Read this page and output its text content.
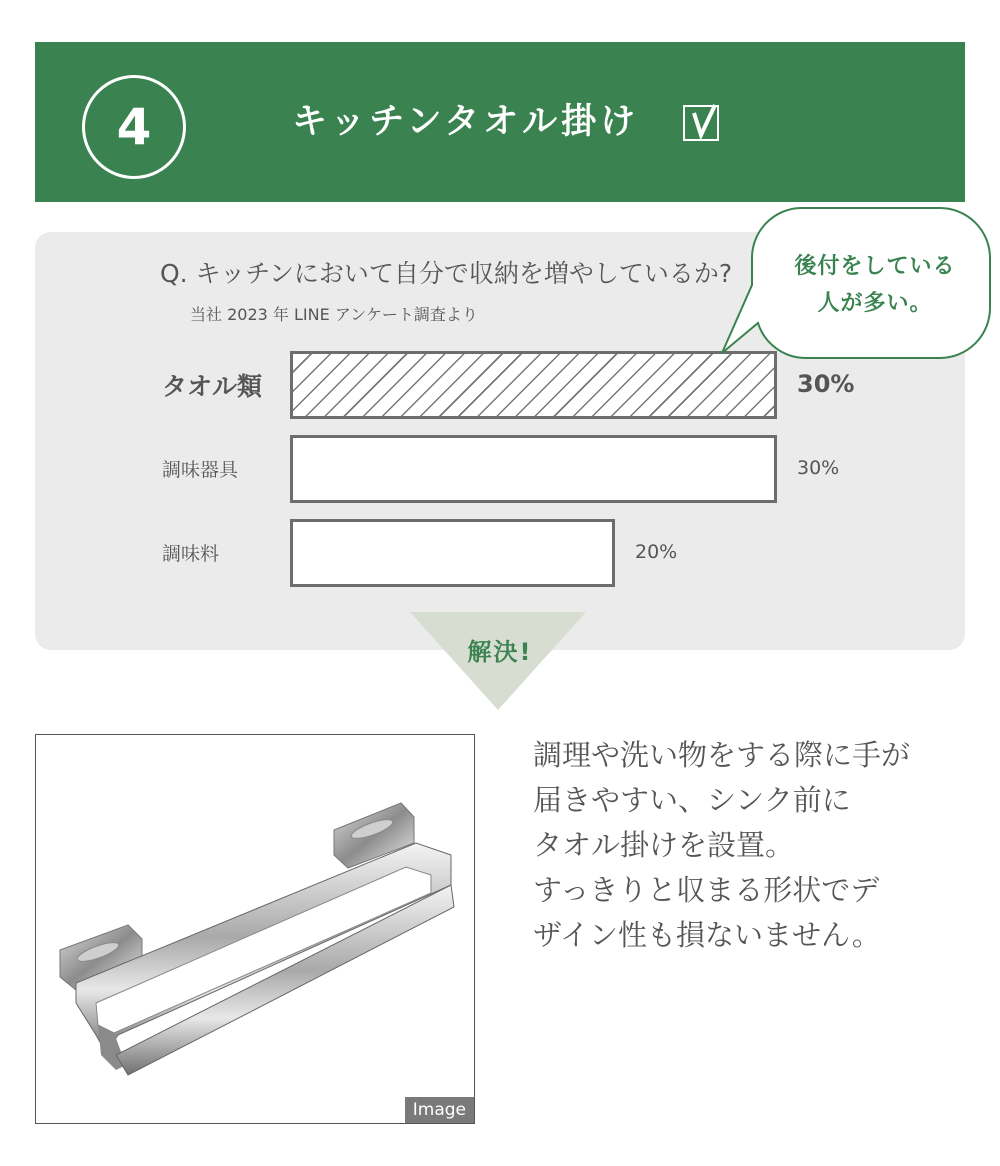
4	キッチンタオル掛け
Q. キッチンにおいて自分で収納を増やしているか?
当社 2023 年 LINE アンケート調査より
タオル類	30%
調味器具	30%
調味料	20%
後付をしている
人が多い。
解決!
Image
調理や洗い物をする際に手が
届きやすい、シンク前に
タオル掛けを設置。
すっきりと収まる形状でデ
ザイン性も損ないません。
